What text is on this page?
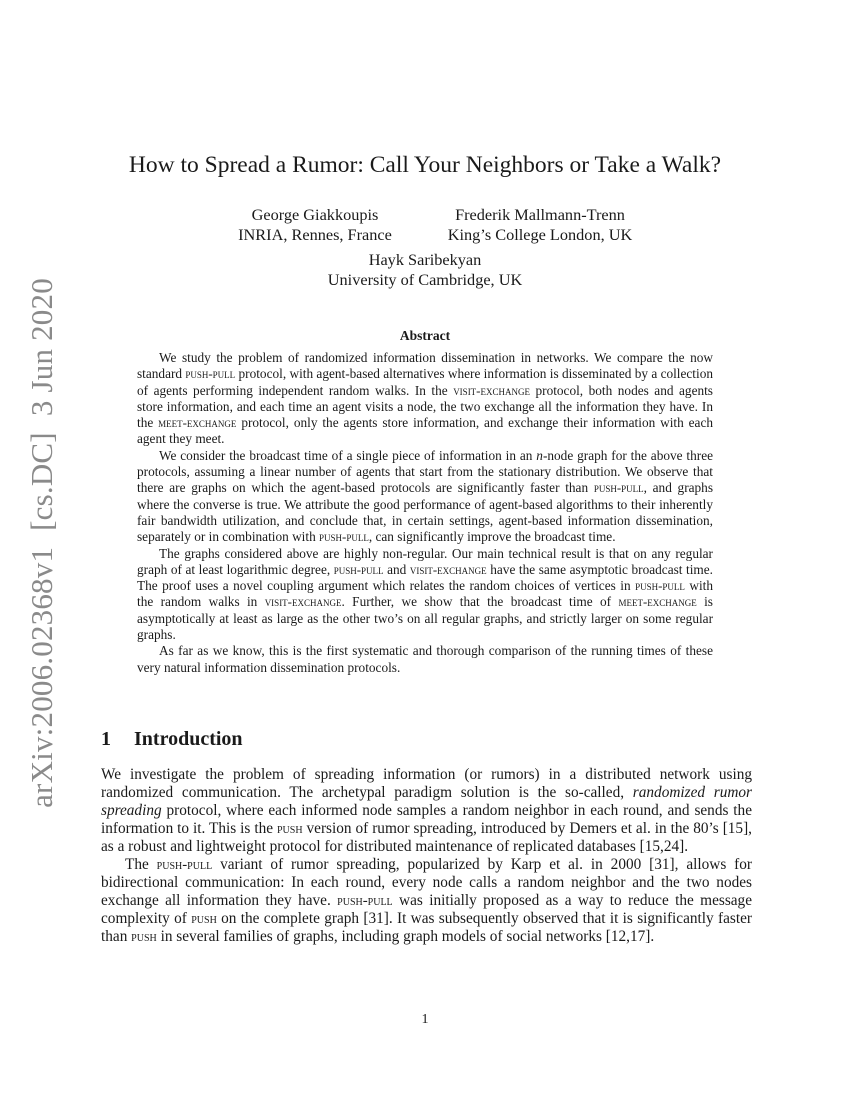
arXiv:2006.02368v1[cs.DC]3 Jun 2020
How to Spread a Rumor: Call Your Neighbors or Take a Walk?
George Giakkoupis
INRIA, Rennes, France
Frederik Mallmann-Trenn
King’s College London, UK
Hayk Saribekyan
University of Cambridge, UK
Abstract

We study the problem of randomized information dissemination in networks. We compare the now standard push-pull protocol, with agent-based alternatives where information is disseminated by a collection of agents performing independent random walks. In the visit-exchange protocol, both nodes and agents store information, and each time an agent visits a node, the two exchange all the information they have. In the meet-exchange protocol, only the agents store information, and exchange their information with each agent they meet.

We consider the broadcast time of a single piece of information in an n-node graph for the above three protocols, assuming a linear number of agents that start from the stationary distribution. We observe that there are graphs on which the agent-based protocols are significantly faster than push-pull, and graphs where the converse is true. We attribute the good performance of agent-based algorithms to their inherently fair bandwidth utilization, and conclude that, in certain settings, agent-based information dissemination, separately or in combination with push-pull, can significantly improve the broadcast time.

The graphs considered above are highly non-regular. Our main technical result is that on any regular graph of at least logarithmic degree, push-pull and visit-exchange have the same asymptotic broadcast time. The proof uses a novel coupling argument which relates the random choices of vertices in push-pull with the random walks in visit-exchange. Further, we show that the broadcast time of meet-exchange is asymptotically at least as large as the other two’s on all regular graphs, and strictly larger on some regular graphs.

As far as we know, this is the first systematic and thorough comparison of the running times of these very natural information dissemination protocols.

1 Introduction

We investigate the problem of spreading information (or rumors) in a distributed network using randomized communication. The archetypal paradigm solution is the so-called, randomized rumor spreading protocol, where each informed node samples a random neighbor in each round, and sends the information to it. This is the push version of rumor spreading, introduced by Demers et al. in the 80’s [15], as a robust and lightweight protocol for distributed maintenance of replicated databases [15,24].

The push-pull variant of rumor spreading, popularized by Karp et al. in 2000 [31], allows for bidirectional communication: In each round, every node calls a random neighbor and the two nodes exchange all information they have. push-pull was initially proposed as a way to reduce the message complexity of push on the complete graph [31]. It was subsequently observed that it is significantly faster than push in several families of graphs, including graph models of social networks [12,17].

1
